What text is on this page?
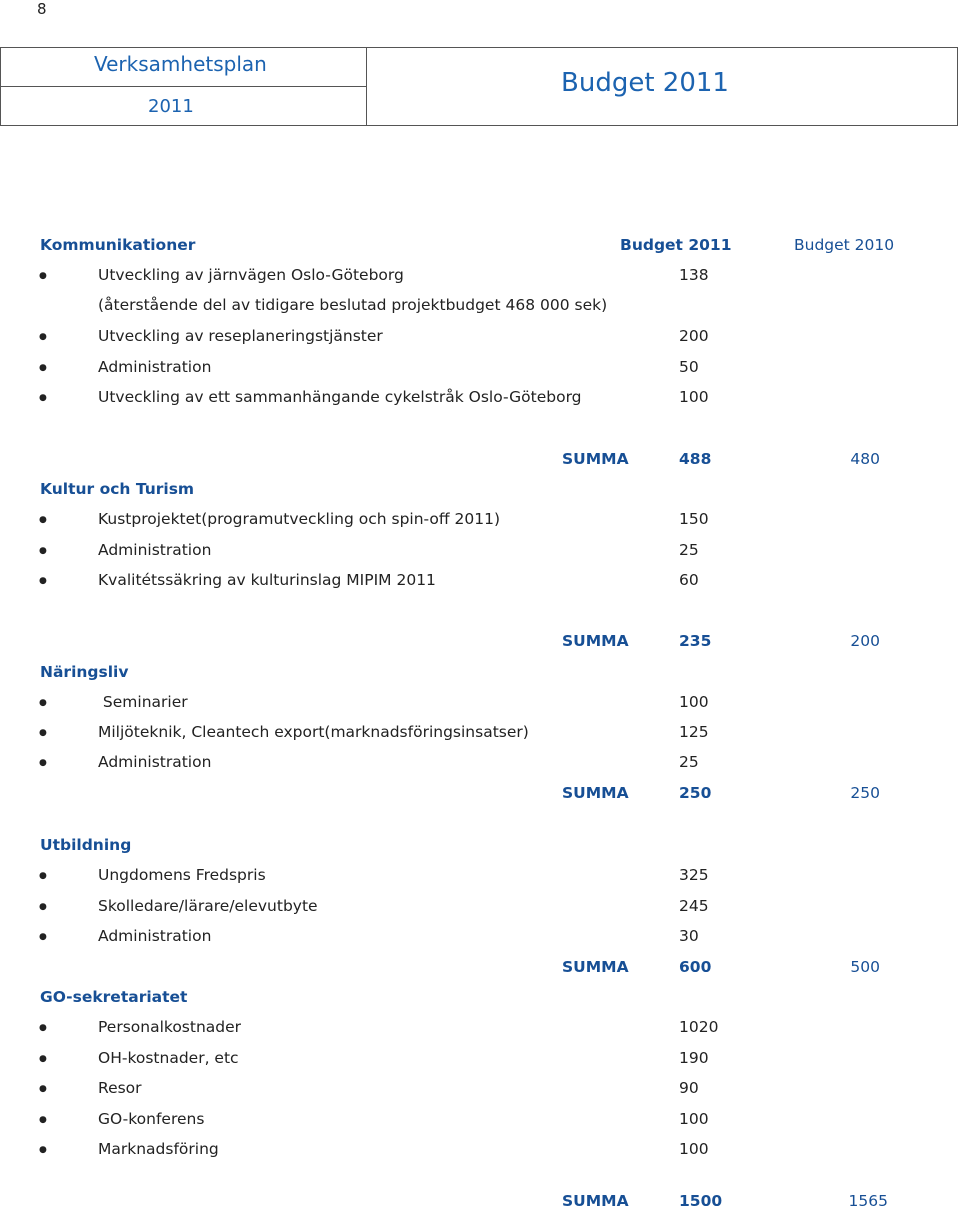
8
Verksamhetsplan
2011
Budget 2011
Kommunikationer	Budget 2011	Budget 2010
●	Utveckling av järnvägen Oslo-Göteborg	138
(återstående del av tidigare beslutad projektbudget 468 000 sek)
●	Utveckling av reseplaneringstjänster	200
●	Administration	50
●	Utveckling av ett sammanhängande cykelstråk Oslo-Göteborg	100
SUMMA	488	480
Kultur och Turism
●	Kustprojektet(programutveckling och spin-off 2011)	150
●	Administration	25
●	Kvalitétssäkring av kulturinslag MIPIM 2011	60
SUMMA	235	200
Näringsliv
●	Seminarier	100
●	Miljöteknik, Cleantech export(marknadsföringsinsatser)	125
●	Administration	25
SUMMA	250	250
Utbildning
●	Ungdomens Fredspris	325
●	Skolledare/lärare/elevutbyte	245
●	Administration	30
SUMMA	600	500
GO-sekretariatet
●	Personalkostnader	1020
●	OH-kostnader, etc	190
●	Resor	90
●	GO-konferens	100
●	Marknadsföring	100
SUMMA	1500	1565
